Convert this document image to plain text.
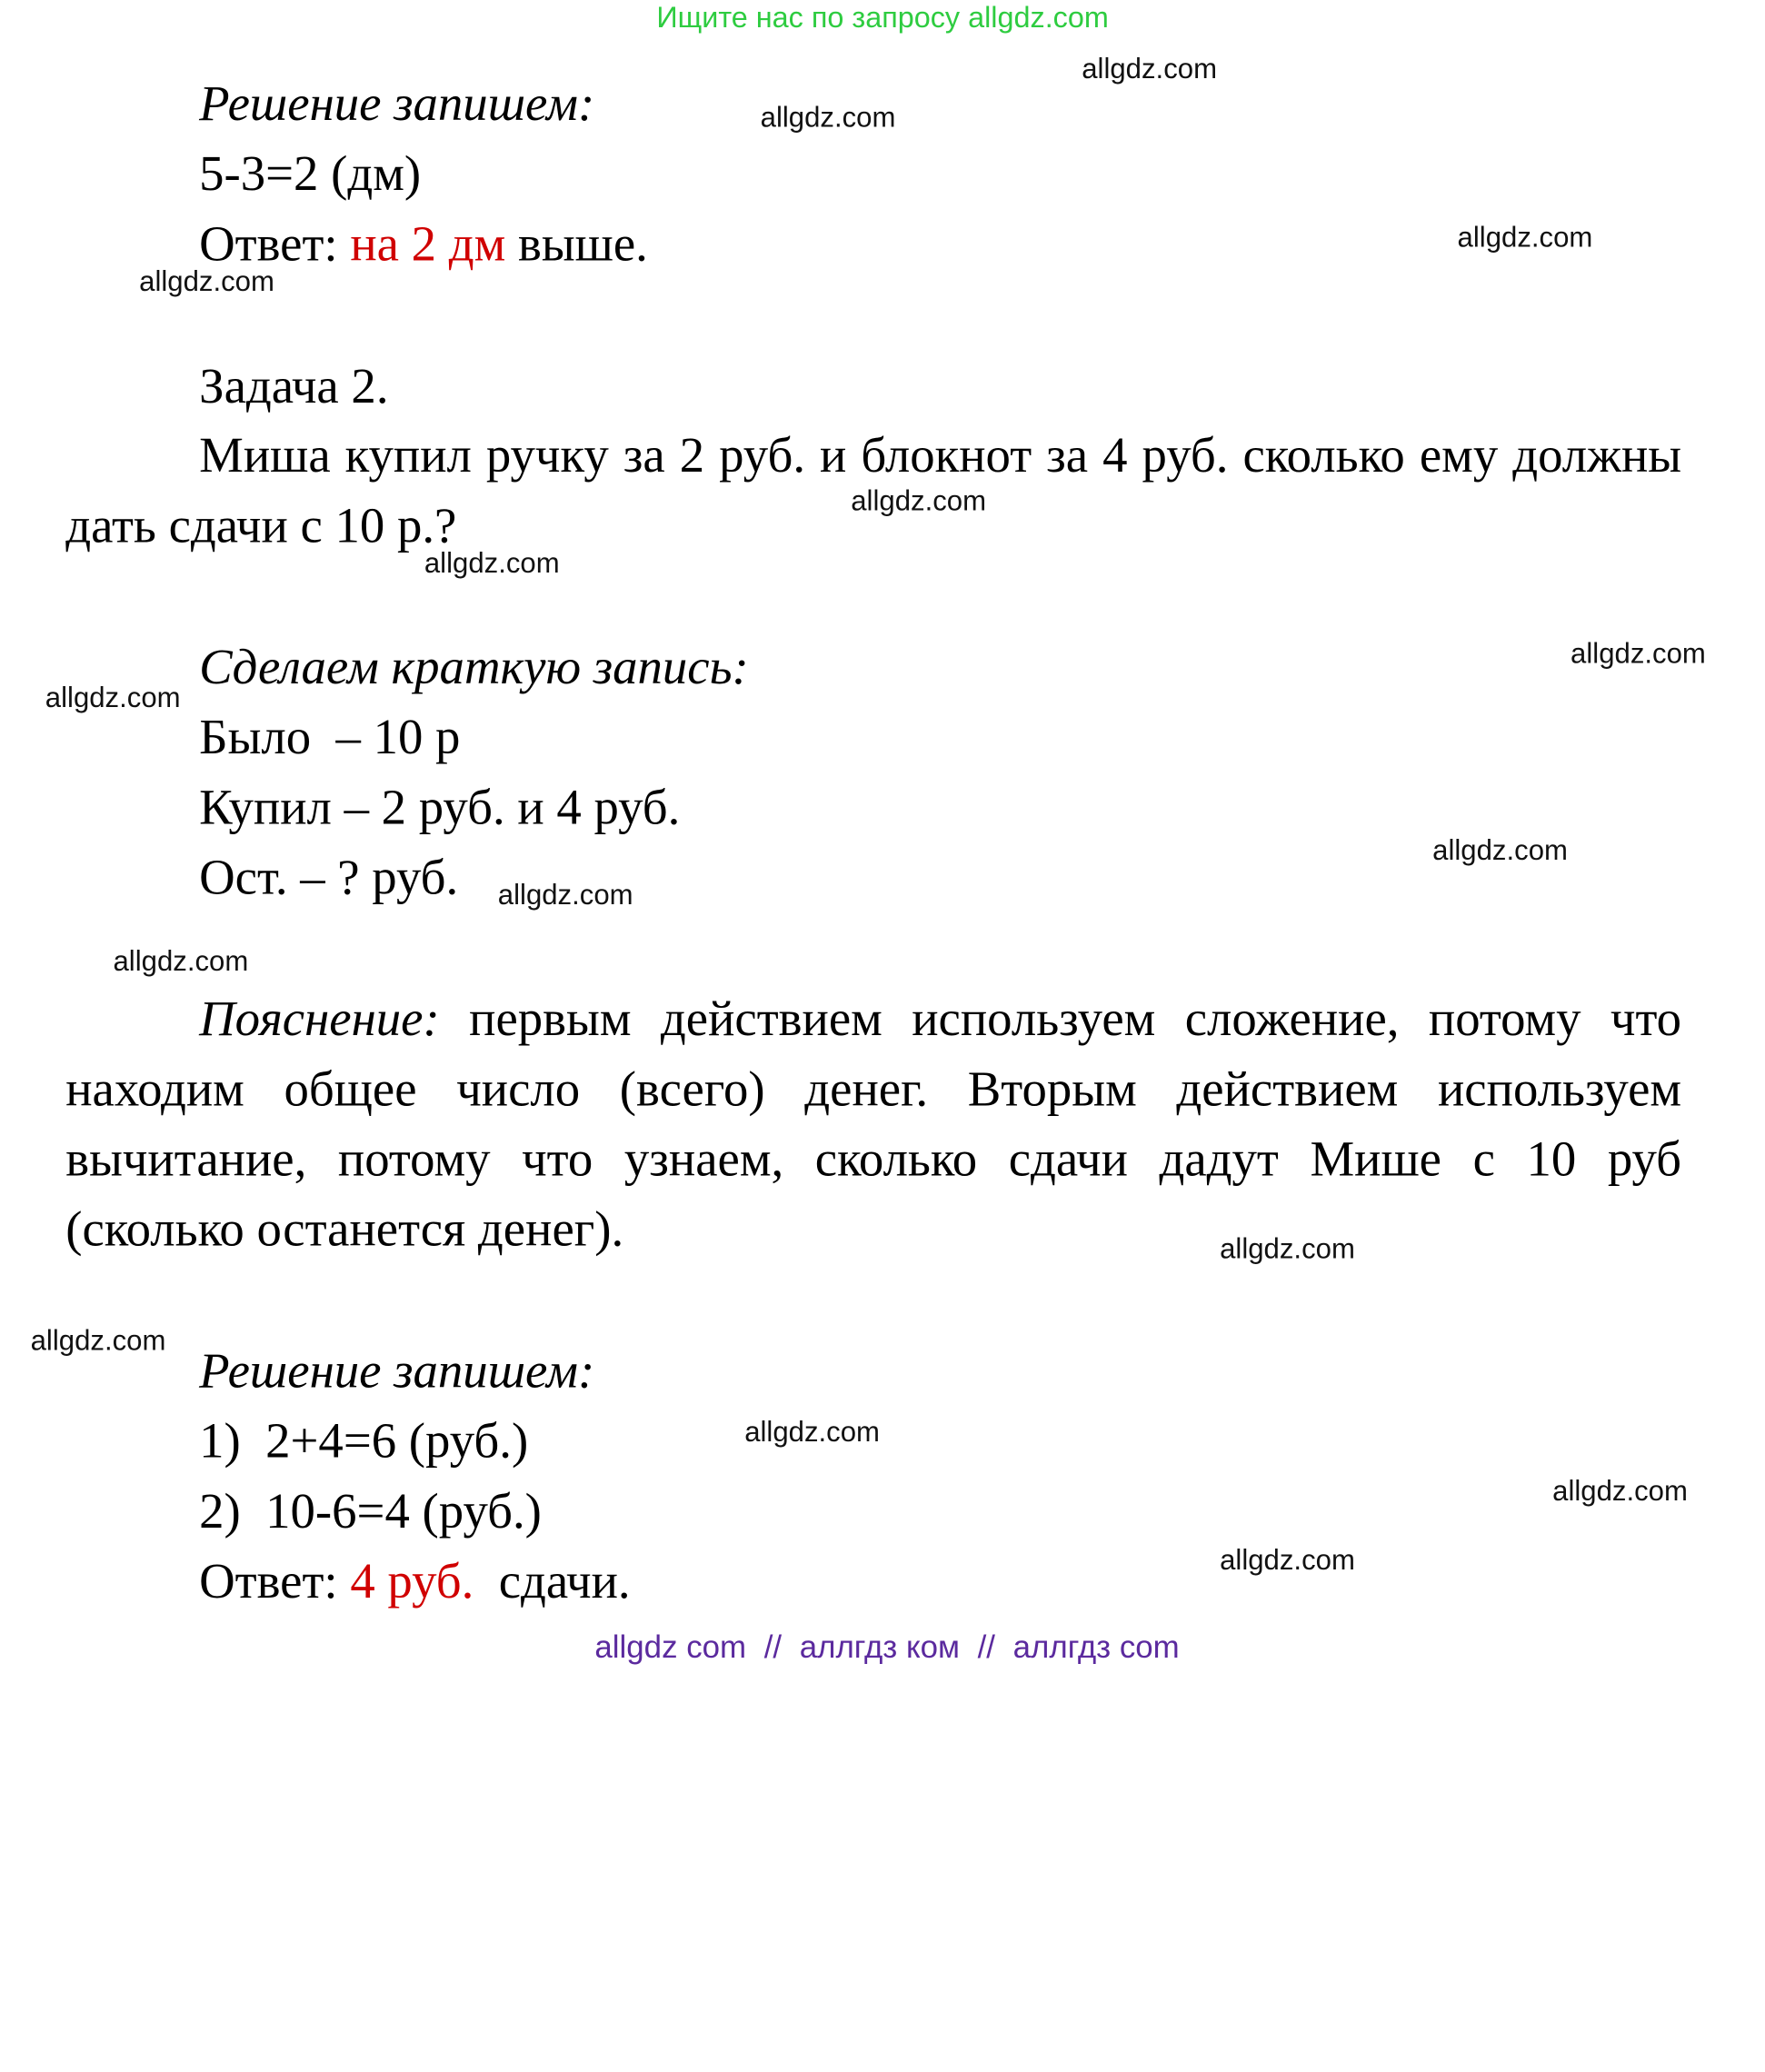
Ищите нас по запросу allgdz.com
Решение запишем:
5-3=2 (дм)
Ответ: на 2 дм выше.
Задача 2.
Миша купил ручку за 2 руб. и блокнот за 4 руб. сколько ему должны дать сдачи с 10 р.?
Сделаем краткую запись:
Было  – 10 р
Купил – 2 руб. и 4 руб.
Ост. – ? руб.
Пояснение: первым действием используем сложение, потому что находим общее число (всего) денег. Вторым действием используем вычитание, потому что узнаем, сколько сдачи дадут Мише с 10 руб (сколько останется денег).
Решение запишем:
1)  2+4=6 (руб.)
2)  10-6=4 (руб.)
Ответ: 4 руб. сдачи.
allgdz.com
allgdz.com
allgdz.com
allgdz.com
allgdz.com
allgdz.com
allgdz.com
allgdz.com
allgdz.com
allgdz.com
allgdz.com
allgdz.com
allgdz.com
allgdz.com
allgdz.com
allgdz.com
allgdz com // аллгдз ком // аллгдз com
